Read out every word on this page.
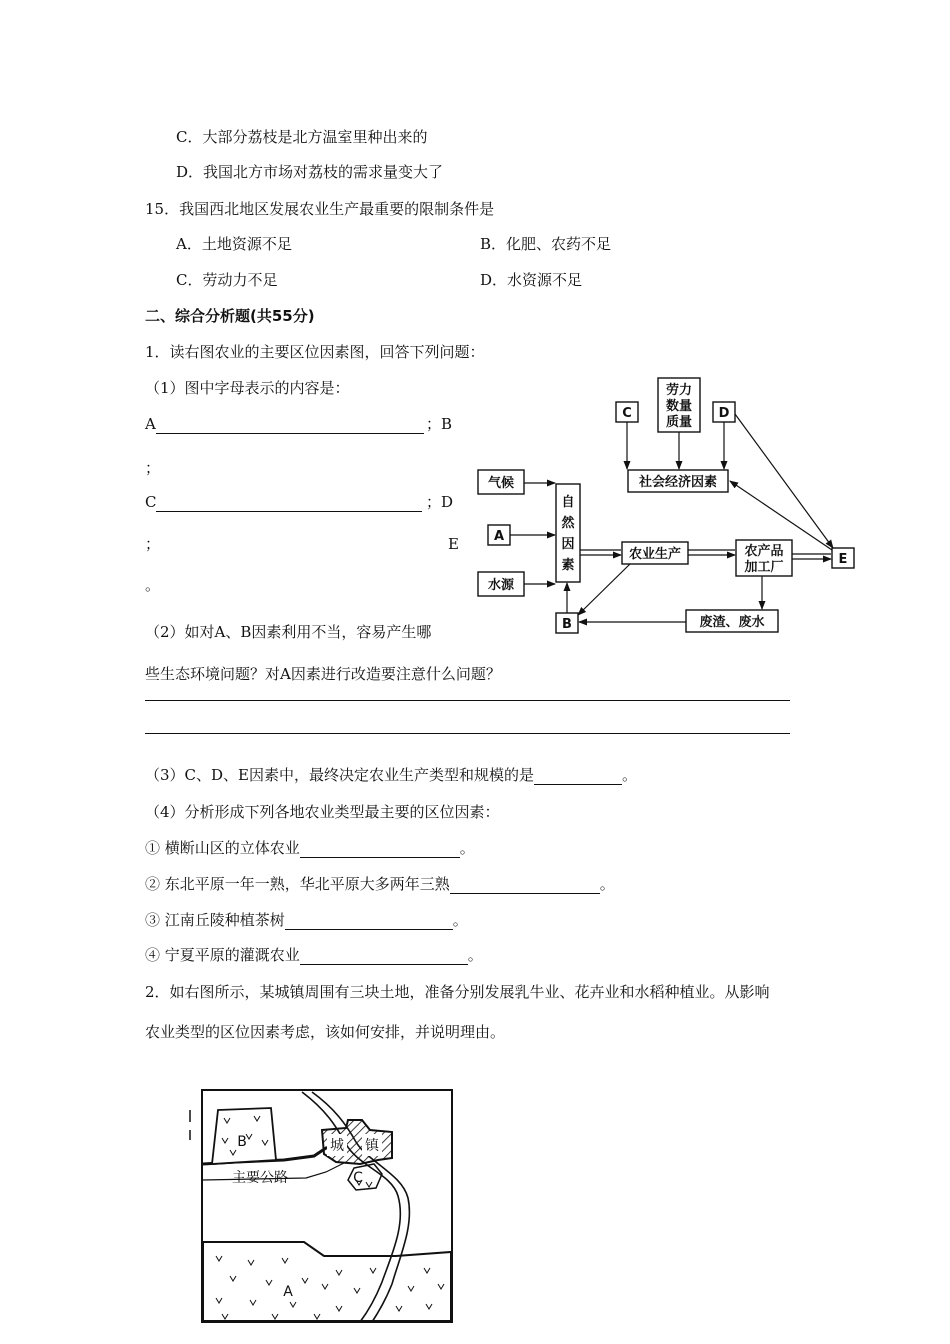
C．大部分荔枝是北方温室里种出来的
D．我国北方市场对荔枝的需求量变大了
15．我国西北地区发展农业生产最重要的限制条件是
A．土地资源不足	B．化肥、农药不足
C．劳动力不足	D．水资源不足
二、综合分析题(共55分)
1．读右图农业的主要区位因素图，回答下列问题：
（1）图中字母表示的内容是：
A	；B
；
C	；D
；	E
。
（2）如对A、B因素利用不当，容易产生哪
些生态环境问题？对A因素进行改造要注意什么问题？
（3）C、D、E因素中，最终决定农业生产类型和规模的是	。
（4）分析形成下列各地农业类型最主要的区位因素：
① 横断山区的立体农业	。
② 东北平原一年一熟，华北平原大多两年三熟	。
③ 江南丘陵种植茶树	。
④ 宁夏平原的灌溉农业	。
2．如右图所示，某城镇周围有三块土地，准备分别发展乳牛业、花卉业和水稻种植业。从影响
农业类型的区位因素考虑，该如何安排，并说明理由。
C
劳力
数量
质量
D
社会经济因素
气候
A
水源
自
然
因
素
农业生产	农产品
加工厂
E
B	废渣、废水
B	城 镇
C
主要公路
A
